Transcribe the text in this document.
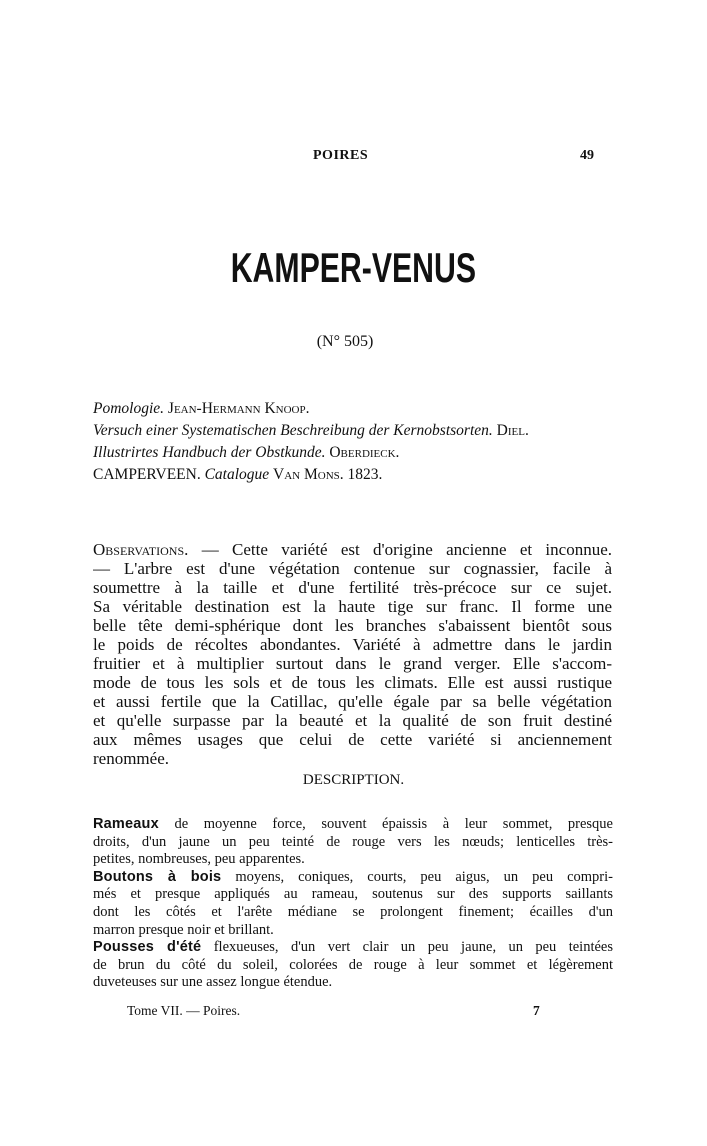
POIRES	49
KAMPER-VENUS
(N° 505)
Pomologie. Jean-Hermann Knoop.
Versuch einer Systematischen Beschreibung der Kernobstsorten. Diel.
Illustrirtes Handbuch der Obstkunde. Oberdieck.
CAMPERVEEN. Catalogue Van Mons. 1823.
Observations. — Cette variété est d'origine ancienne et inconnue.
— L'arbre est d'une végétation contenue sur cognassier, facile à
soumettre à la taille et d'une fertilité très-précoce sur ce sujet.
Sa véritable destination est la haute tige sur franc. Il forme une
belle tête demi-sphérique dont les branches s'abaissent bientôt sous
le poids de récoltes abondantes. Variété à admettre dans le jardin
fruitier et à multiplier surtout dans le grand verger. Elle s'accom-
mode de tous les sols et de tous les climats. Elle est aussi rustique
et aussi fertile que la Catillac, qu'elle égale par sa belle végétation
et qu'elle surpasse par la beauté et la qualité de son fruit destiné
aux mêmes usages que celui de cette variété si anciennement
renommée.
DESCRIPTION.
Rameaux de moyenne force, souvent épaissis à leur sommet, presque
droits, d'un jaune un peu teinté de rouge vers les nœuds; lenticelles très-
petites, nombreuses, peu apparentes.
Boutons à bois moyens, coniques, courts, peu aigus, un peu compri-
més et presque appliqués au rameau, soutenus sur des supports saillants
dont les côtés et l'arête médiane se prolongent finement; écailles d'un
marron presque noir et brillant.
Pousses d'été flexueuses, d'un vert clair un peu jaune, un peu teintées
de brun du côté du soleil, colorées de rouge à leur sommet et légèrement
duveteuses sur une assez longue étendue.
Tome VII. — Poires.	7
